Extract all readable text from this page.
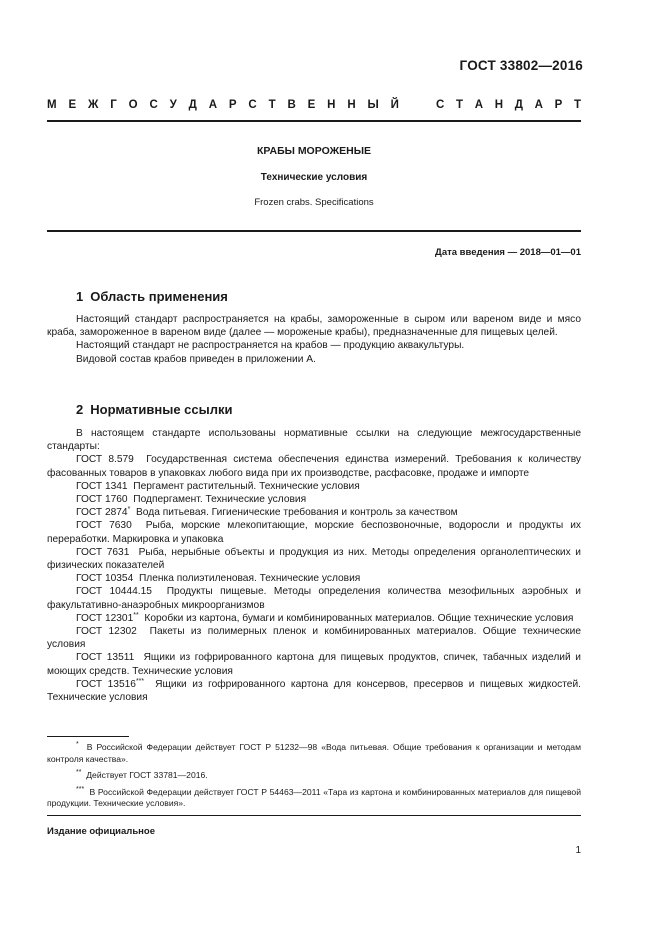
ГОСТ 33802—2016
М Е Ж Г О С У Д А Р С Т В Е Н Н Ы Й	С Т А Н Д А Р Т
КРАБЫ МОРОЖЕНЫЕ
Технические условия
Frozen crabs. Specifications
Дата введения — 2018—01—01
1 Область применения

Настоящий стандарт распространяется на крабы, замороженные в сыром или вареном виде и мясо краба, замороженное в вареном виде (далее — мороженые крабы), предназначенные для пищевых целей.

Настоящий стандарт не распространяется на крабов — продукцию аквакультуры.

Видовой состав крабов приведен в приложении А.

2 Нормативные ссылки

В настоящем стандарте использованы нормативные ссылки на следующие межгосударственные стандарты:

ГОСТ 8.579 Государственная система обеспечения единства измерений. Требования к количеству фасованных товаров в упаковках любого вида при их производстве, расфасовке, продаже и импорте

ГОСТ 1341 Пергамент растительный. Технические условия

ГОСТ 1760 Подпергамент. Технические условия

ГОСТ 2874* Вода питьевая. Гигиенические требования и контроль за качеством

ГОСТ 7630 Рыба, морские млекопитающие, морские беспозвоночные, водоросли и продукты их переработки. Маркировка и упаковка

ГОСТ 7631 Рыба, нерыбные объекты и продукция из них. Методы определения органолептических и физических показателей

ГОСТ 10354 Пленка полиэтиленовая. Технические условия

ГОСТ 10444.15 Продукты пищевые. Методы определения количества мезофильных аэробных и факультативно-анаэробных микроорганизмов

ГОСТ 12301** Коробки из картона, бумаги и комбинированных материалов. Общие технические условия

ГОСТ 12302 Пакеты из полимерных пленок и комбинированных материалов. Общие технические условия

ГОСТ 13511 Ящики из гофрированного картона для пищевых продуктов, спичек, табачных изделий и моющих средств. Технические условия

ГОСТ 13516*** Ящики из гофрированного картона для консервов, пресервов и пищевых жидкостей. Технические условия

* В Российской Федерации действует ГОСТ Р 51232—98 «Вода питьевая. Общие требования к организации и методам контроля качества».

** Действует ГОСТ 33781—2016.

*** В Российской Федерации действует ГОСТ Р 54463—2011 «Тара из картона и комбинированных материалов для пищевой продукции. Технические условия».

Издание официальное
1
